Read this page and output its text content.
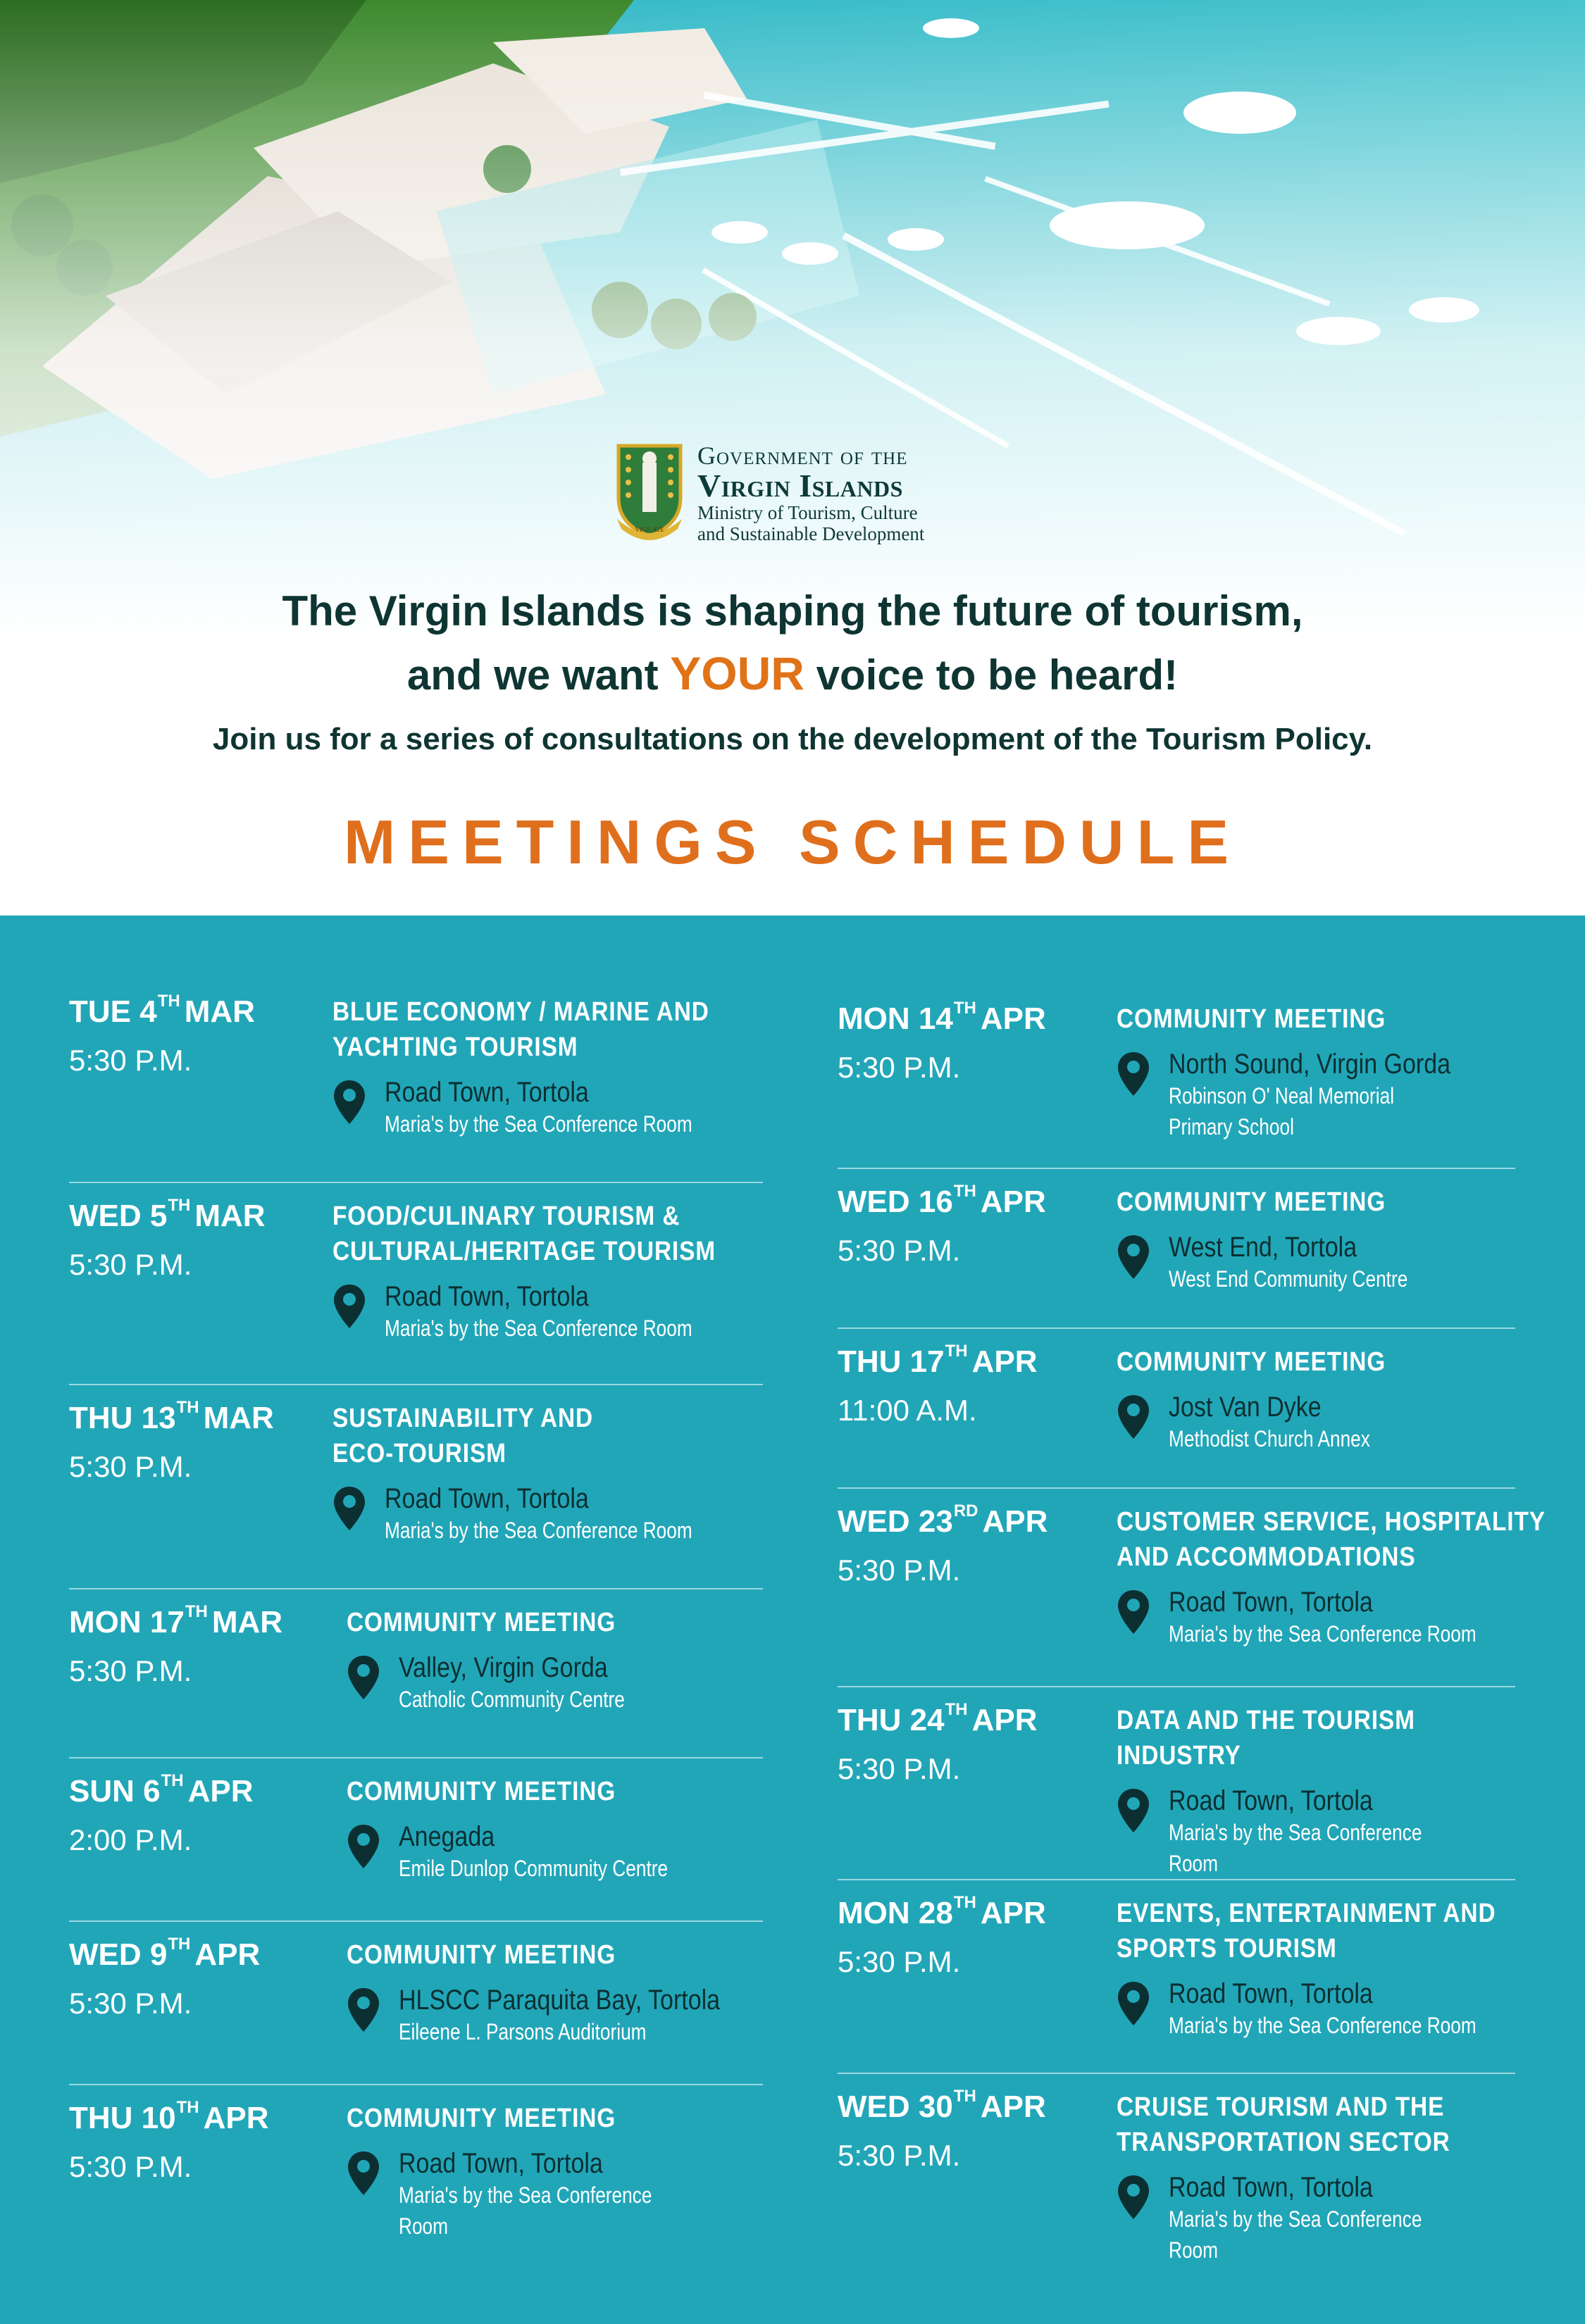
VIGILATE
Government of the
Virgin Islands
Ministry of Tourism, Culture
and Sustainable Development
The Virgin Islands is shaping the future of tourism,
and we want YOUR voice to be heard!
Join us for a series of consultations on the development of the Tourism Policy.
MEETINGS SCHEDULE
TUE 4TH MAR
5:30 P.M.
BLUE ECONOMY / MARINE AND
YACHTING TOURISM
Road Town, Tortola
Maria's by the Sea Conference Room
WED 5TH MAR
5:30 P.M.
FOOD/CULINARY TOURISM &
CULTURAL/HERITAGE TOURISM
Road Town, Tortola
Maria's by the Sea Conference Room
THU 13TH MAR
5:30 P.M.
SUSTAINABILITY AND
ECO-TOURISM
Road Town, Tortola
Maria's by the Sea Conference Room
MON 17TH MAR
5:30 P.M.
COMMUNITY MEETING
Valley, Virgin Gorda
Catholic Community Centre
SUN 6TH APR
2:00 P.M.
COMMUNITY MEETING
Anegada
Emile Dunlop Community Centre
WED 9TH APR
5:30 P.M.
COMMUNITY MEETING
HLSCC Paraquita Bay, Tortola
Eileene L. Parsons Auditorium
THU 10TH APR
5:30 P.M.
COMMUNITY MEETING
Road Town, Tortola
Maria's by the Sea Conference Room
MON 14TH APR
5:30 P.M.
COMMUNITY MEETING
North Sound, Virgin Gorda
Robinson O' Neal Memorial Primary School
WED 16TH APR
5:30 P.M.
COMMUNITY MEETING
West End, Tortola
West End Community Centre
THU 17TH APR
11:00 A.M.
COMMUNITY MEETING
Jost Van Dyke
Methodist Church Annex
WED 23RD APR
5:30 P.M.
CUSTOMER SERVICE, HOSPITALITY
AND ACCOMMODATIONS
Road Town, Tortola
Maria's by the Sea Conference Room
THU 24TH APR
5:30 P.M.
DATA AND THE TOURISM
INDUSTRY
Road Town, Tortola
Maria's by the Sea Conference Room
MON 28TH APR
5:30 P.M.
EVENTS, ENTERTAINMENT AND
SPORTS TOURISM
Road Town, Tortola
Maria's by the Sea Conference Room
WED 30TH APR
5:30 P.M.
CRUISE TOURISM AND THE
TRANSPORTATION SECTOR
Road Town, Tortola
Maria's by the Sea Conference Room
